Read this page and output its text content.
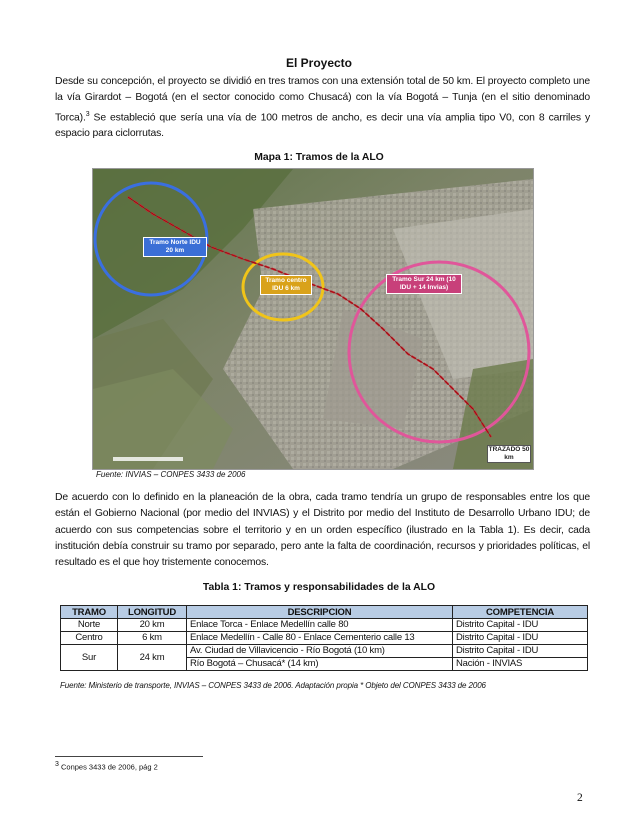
El Proyecto
Desde su concepción, el proyecto se dividió en tres tramos con una extensión total de 50 km. El proyecto completo une la vía Girardot – Bogotá (en el sector conocido como Chusacá) con la vía Bogotá – Tunja (en el sitio denominado Torca).$^3$ Se estableció que sería una vía de 100 metros de ancho, es decir una vía amplia tipo V0, con 8 carriles y espacio para ciclorrutas.
Mapa 1: Tramos de la ALO
Tramo Norte IDU 20 km
Tramo centro IDU 6 km
Tramo Sur 24 km (10 IDU + 14 Invias)
TRAZADO 50 km
Fuente: INVIAS – CONPES 3433 de 2006
De acuerdo con lo definido en la planeación de la obra, cada tramo tendría un grupo de responsables entre los que están el Gobierno Nacional (por medio del INVIAS) y el Distrito por medio del Instituto de Desarrollo Urbano IDU; de acuerdo con sus competencias sobre el territorio y en un orden específico (ilustrado en la Tabla 1). Es decir, cada institución debía construir su tramo por separado, pero ante la falta de coordinación, recursos y prioridades políticas, el resultado es el que hoy tristemente conocemos.
Tabla 1: Tramos y responsabilidades de la ALO
TRAMO	LONGITUD	DESCRIPCION	COMPETENCIA
Norte	20 km	Enlace Torca - Enlace Medellín calle 80	Distrito Capital - IDU
Centro	6 km	Enlace Medellín - Calle 80 - Enlace Cementerio calle 13	Distrito Capital - IDU
Sur	24 km	Av. Ciudad de Villavicencio - Río Bogotá (10 km)	Distrito Capital - IDU
		Río Bogotá – Chusacá* (14 km)	Nación - INVIAS
Fuente: Ministerio de transporte, INVIAS – CONPES 3433 de 2006. Adaptación propia * Objeto del CONPES 3433 de 2006
3 Conpes 3433 de 2006, pág 2
2
